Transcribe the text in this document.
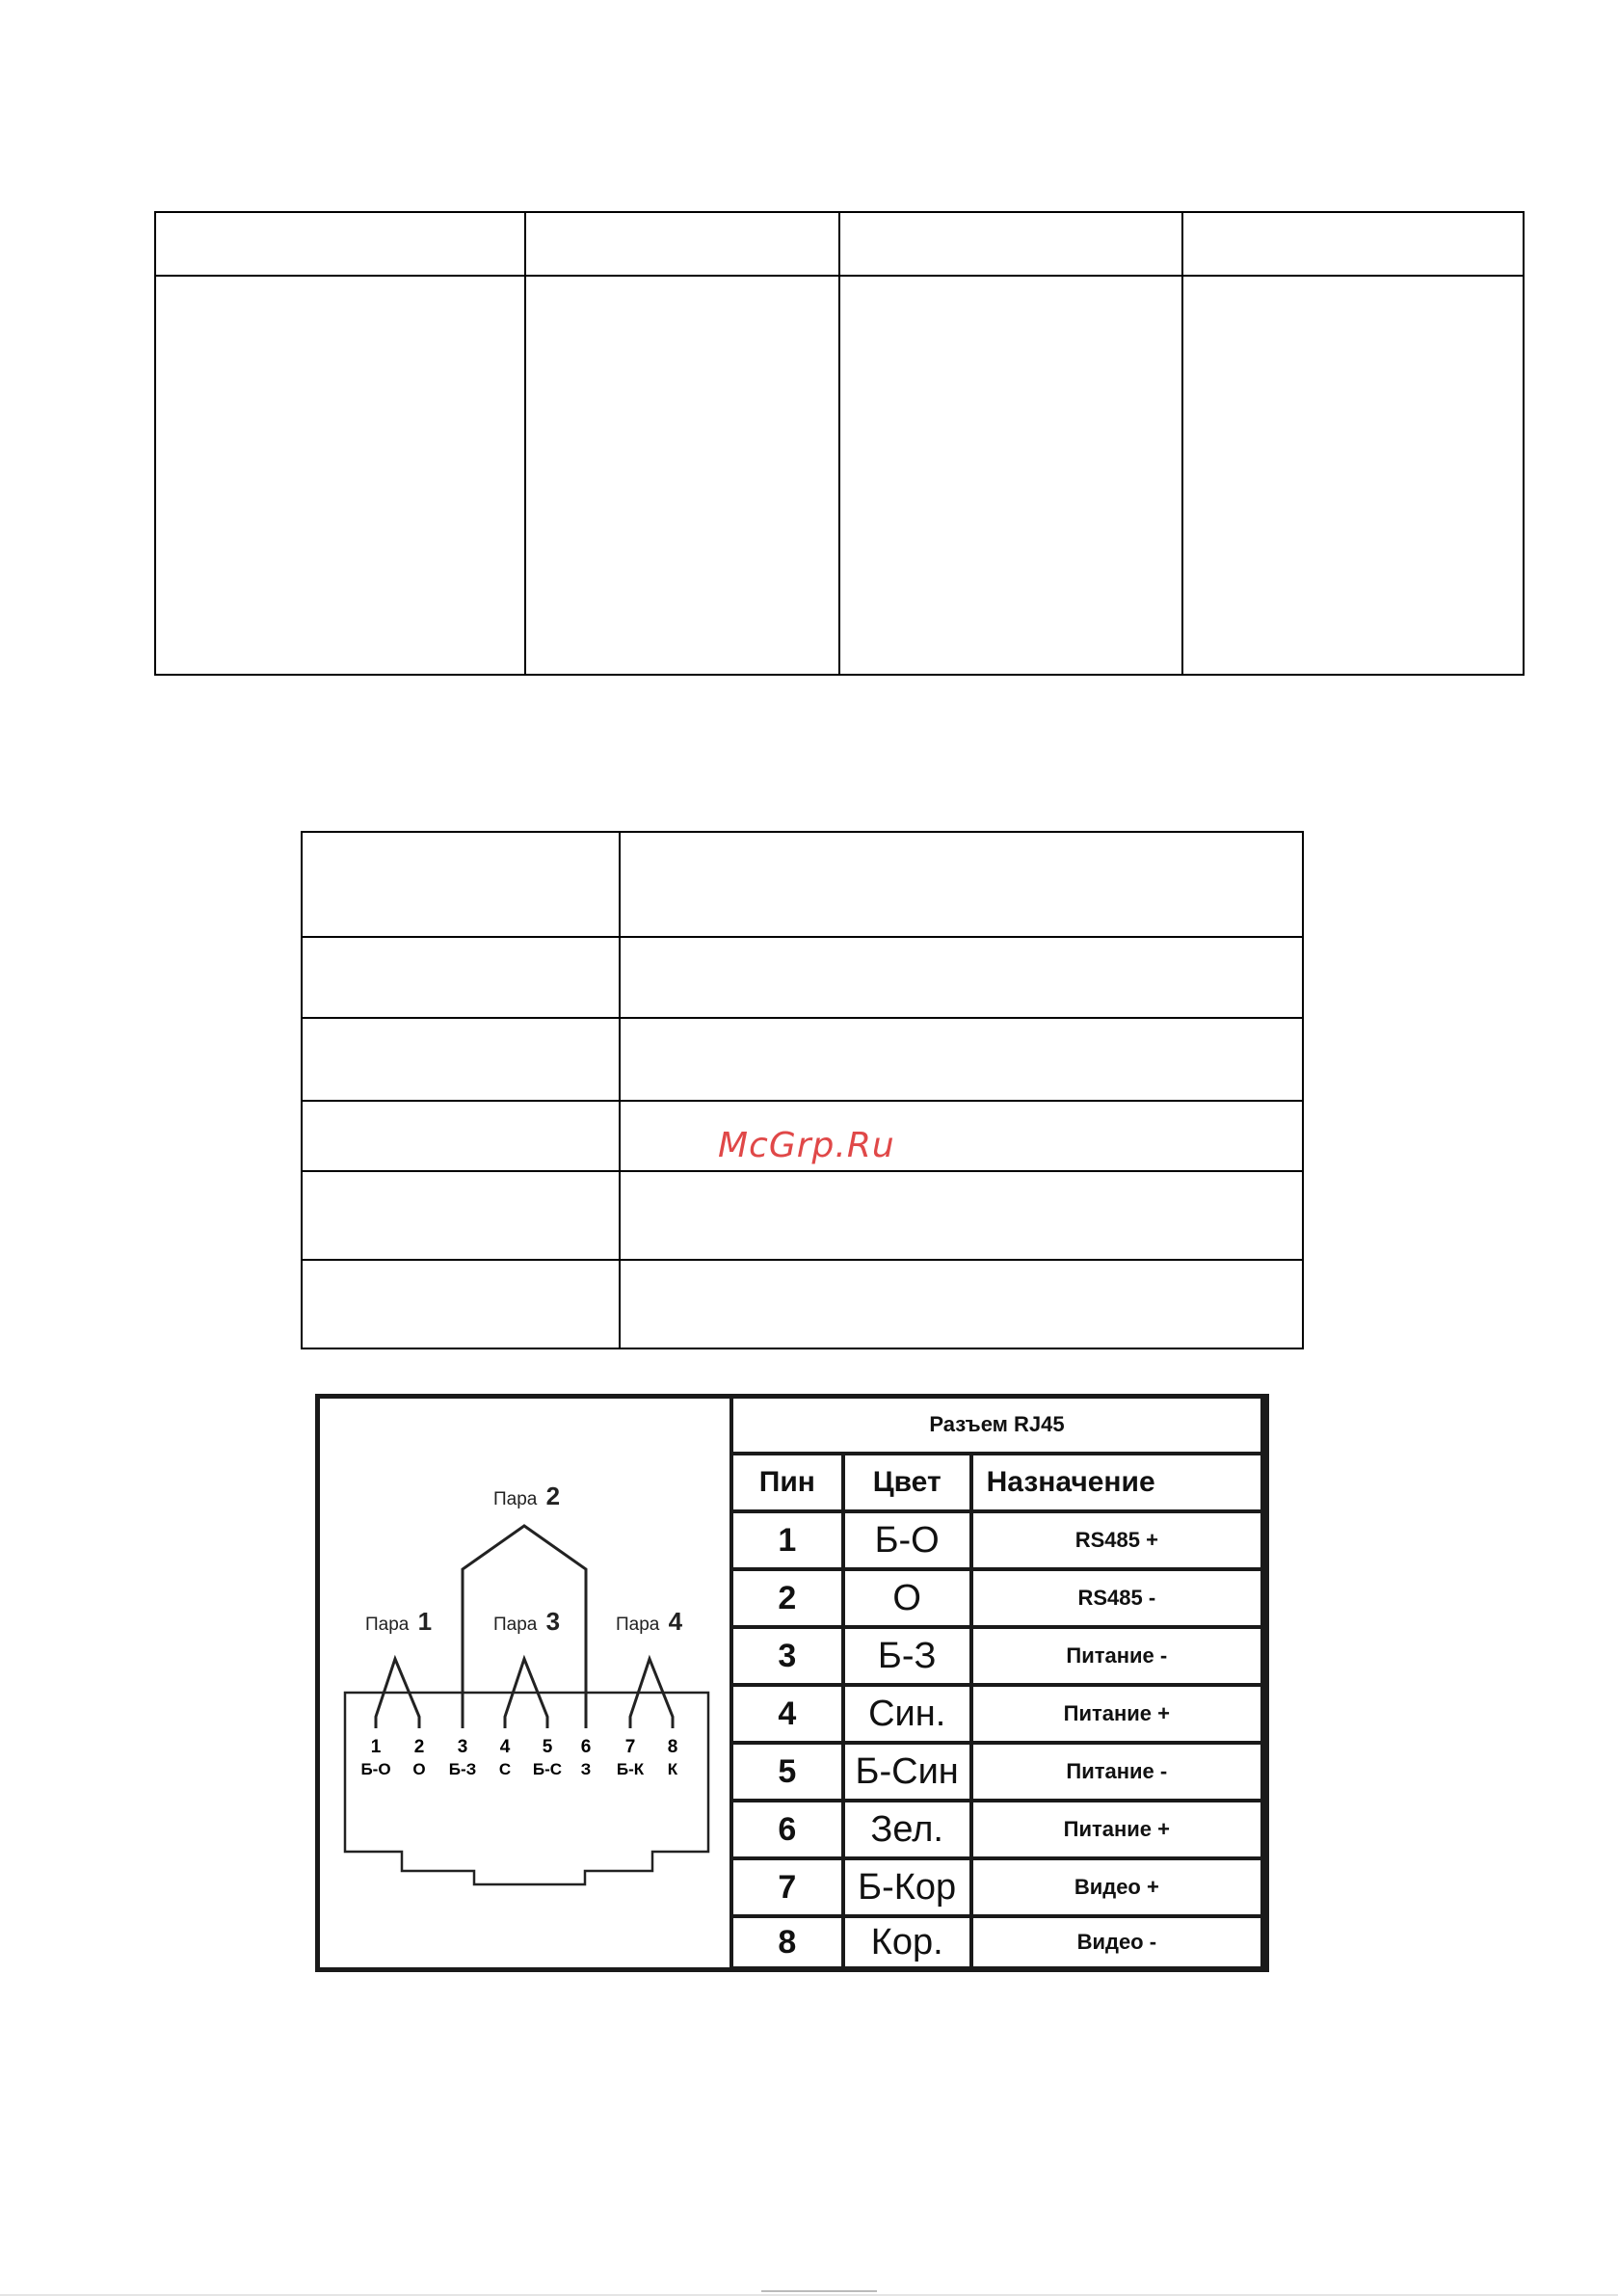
McGrp.Ru
Пара 1
Пара 2
Пара 3	Пара 4
1
Б-О
2
О
3
Б-З
4
С
5
Б-С
6
З
7
Б-К
8
К
Разъем RJ45		
Пин	Цвет	Назначение
1	Б-О	RS485 +
2	О	RS485 -
3	Б-З	Питание -
4	Син.	Питание +
5	Б-Син	Питание -
6	Зел.	Питание +
7	Б-Кор	Видео +
8	Кор.	Видео -
